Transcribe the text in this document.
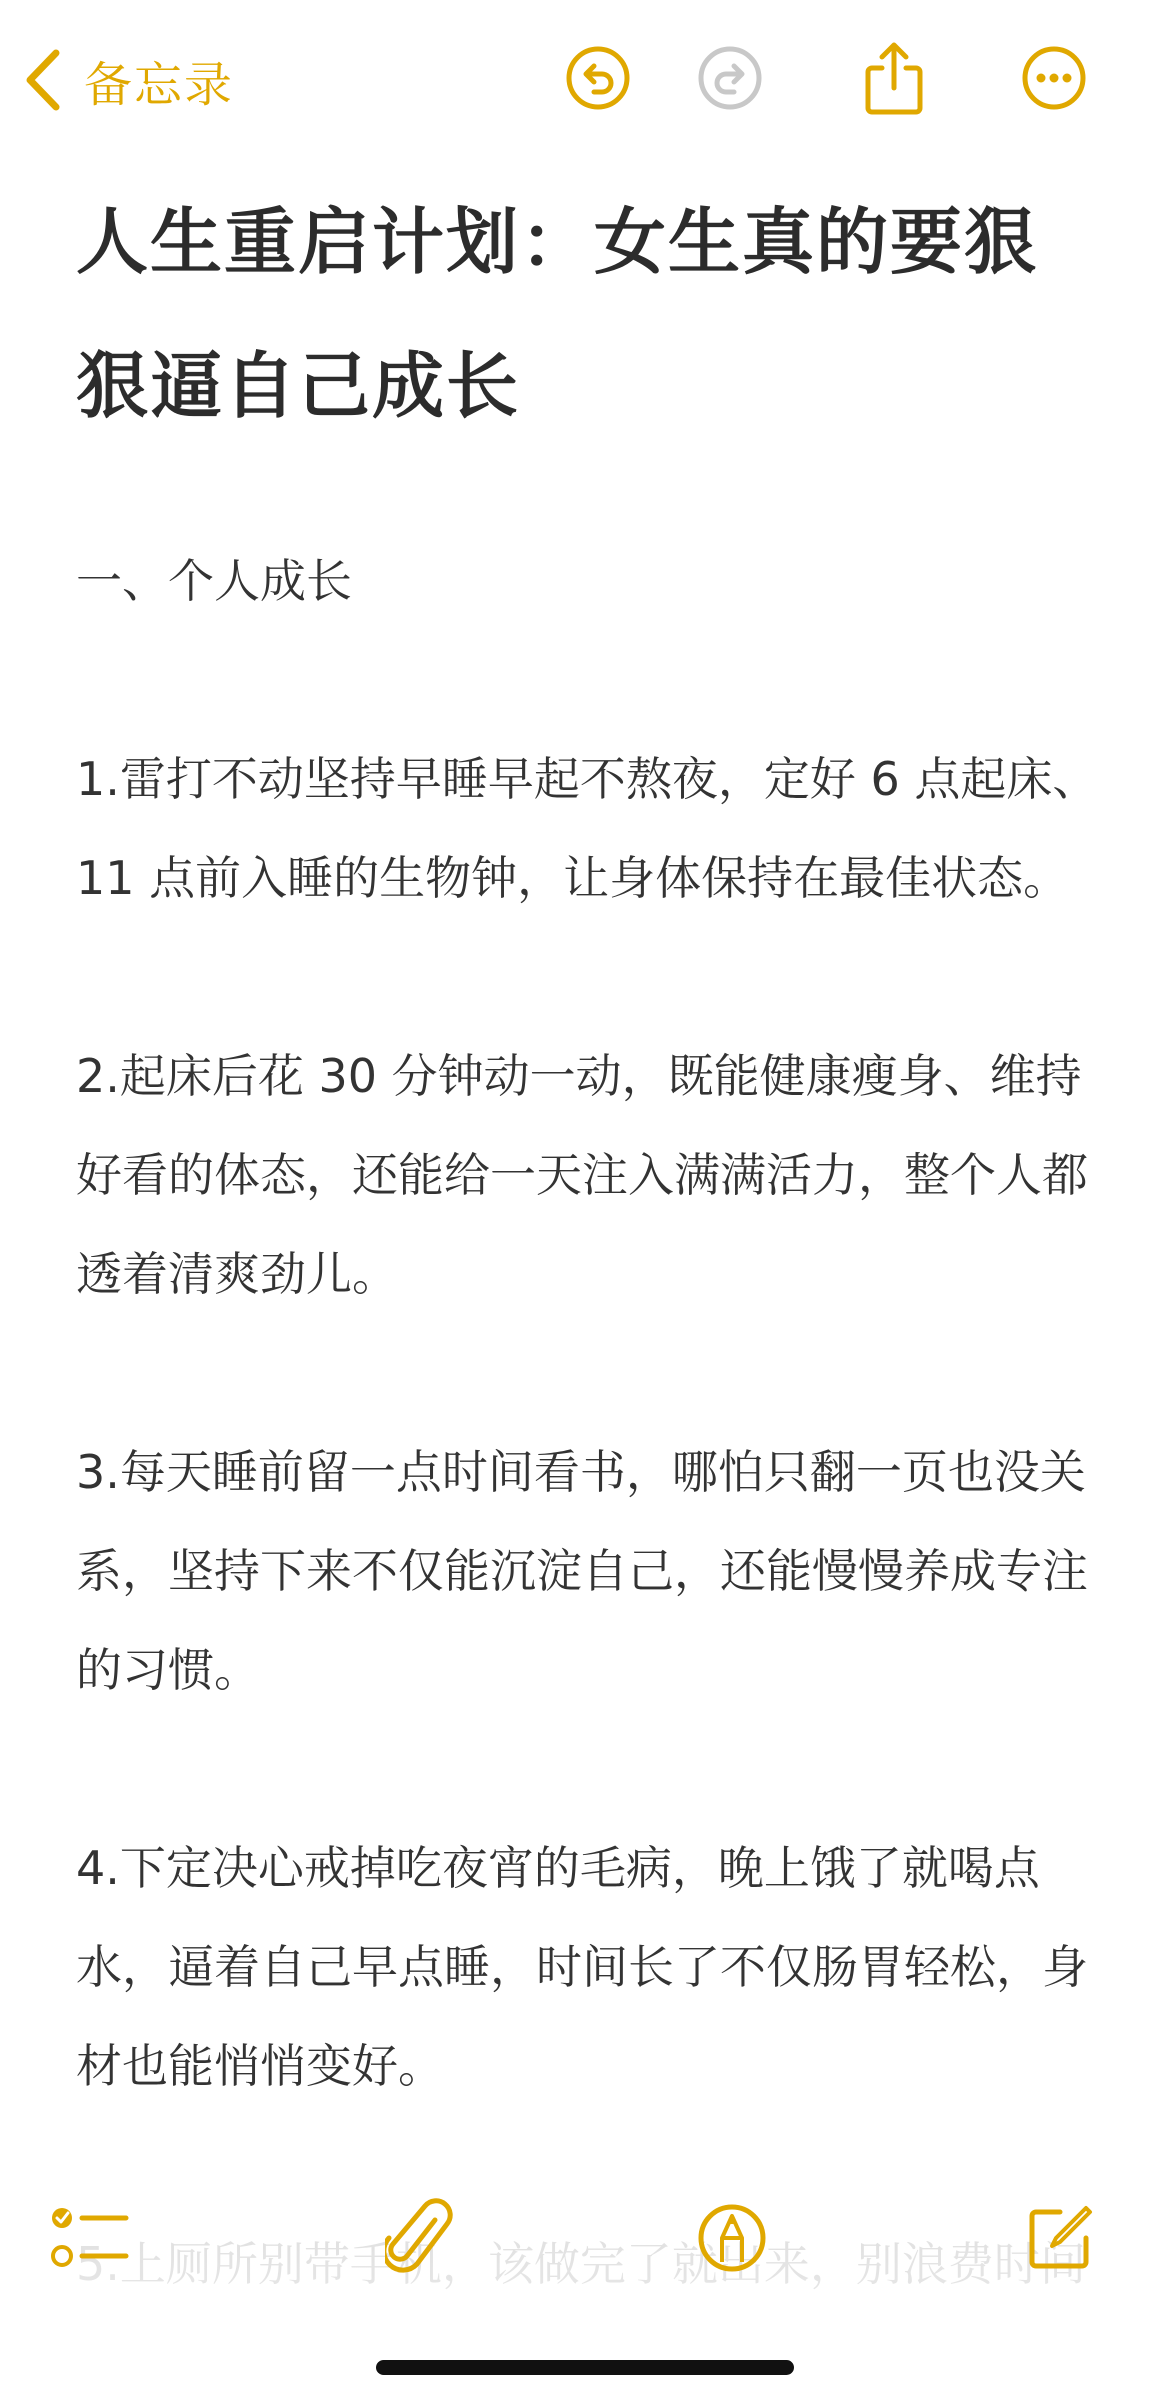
备忘录
人生重启计划：女生真的要狠狠逼自己成长

一、个人成长

1.雷打不动坚持早睡早起不熬夜，定好 6 点起床、11 点前入睡的生物钟，让身体保持在最佳状态。

2.起床后花 30 分钟动一动，既能健康瘦身、维持好看的体态，还能给一天注入满满活力，整个人都透着清爽劲儿。

3.每天睡前留一点时间看书，哪怕只翻一页也没关系，坚持下来不仅能沉淀自己，还能慢慢养成专注的习惯。

4.下定决心戒掉吃夜宵的毛病，晚上饿了就喝点水，逼着自己早点睡，时间长了不仅肠胃轻松，身材也能悄悄变好。
